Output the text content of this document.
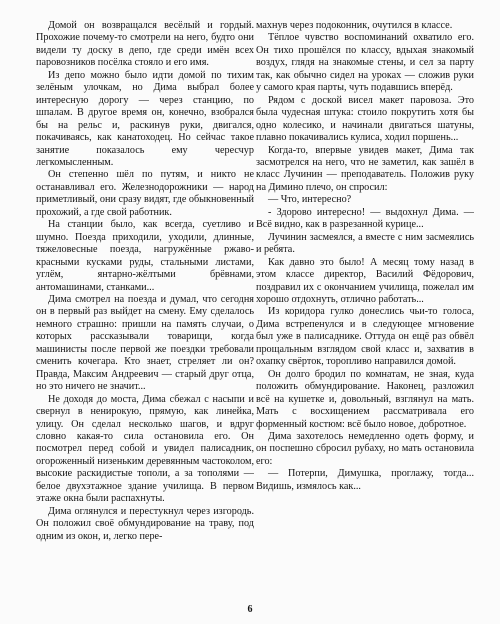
Домой он возвращался весёлый и гордый. Прохожие почему-то смотрели на него, будто они видели ту доску в депо, где среди имён всех паровозников посёлка стояло и его имя.

Из депо можно было идти домой по тихим зелёным улочкам, но Дима выбрал более интересную дорогу — через станцию, по шпалам. В другое время он, конечно, взобрался бы на рельс и, раскинув руки, двигался, покачиваясь, как канатоходец. Но сейчас такое занятие показалось ему чересчур легкомысленным.

Он степенно шёл по путям, и никто не останавливал его. Железнодорожники — народ приметливый, они сразу видят, где обыкновенный прохожий, а где свой работник.

На станции было, как всегда, суетливо и шумно. Поезда приходили, уходили, длинные, тяжеловесные поезда, нагружённые ржаво-красными кусками руды, стальными листами, углём, янтарно-жёлтыми брёвнами, антомашинами, станками...

Дима смотрел на поезда и думал, что сегодня он в первый раз выйдет на смену. Ему сделалось немного страшно: пришли на память случаи, о которых рассказывали товарищи, когда машинисты после первой же поездки требовали сменить кочегара. Кто знает, стреляет ли он? Правда, Максим Андреевич — старый друг отца, но это ничего не значит...

Не доходя до моста, Дима сбежал с насыпи и свернул в ненирокую, прямую, как линейка, улицу. Он сделал несколько шагов, и вдруг словно какая-то сила остановила его. Он посмотрел перед собой и увидел палисадник, огороженный низеньким деревянным частоколом, высокие раскидистые тополи, а за тополями — белое двухэтажное здание училища. В первом этаже окна были распахнуты.

Дима оглянулся и перестукнул через изгородь. Он положил своё обмундирование на траву, под одним из окон, и, легко пере-

махнув через подоконник, очутился в классе.

Тёплое чувство воспоминаний охватило его. Он тихо прошёлся по классу, вдыхая знакомый воздух, глядя на знакомые стены, и сел за парту так, как обычно сидел на уроках — сложив руки у самого края парты, чуть подавшись вперёд.

Рядом с доской висел макет паровоза. Это была чудесная штука: стоило покрутить хотя бы одно колесико, и начинали двигаться шатуны, плавно покачивались кулиса, ходил поршень...

Когда-то, впервые увидев макет, Дима так засмотрелся на него, что не заметил, как зашёл в класс Лучинин — преподаватель. Положив руку на Димино плечо, он спросил:

— Что, интересно?

- Здорово интересно! — выдохнул Дима. — Всё видно, как в разрезанной курице...

Лучинин засмеялся, а вместе с ним засмеялись и ребята.

Как давно это было! А месяц тому назад в этом классе директор, Василий Фёдорович, поздравил их с окончанием училища, пожелал им хорошо отдохнуть, отлично работать...

Из коридора гулко донеслись чьи-то голоса, Дима встрепенулся и в следующее мгновение был уже в палисаднике. Оттуда он ещё раз обвёл прощальным взглядом свой класс и, захватив в охапку свёрток, торопливо направился домой.

Он долго бродил по комнатам, не зная, куда положить обмундирование. Наконец, разложил всё на кушетке и, довольный, взглянул на мать. Мать с восхищением рассматривала его форменный костюм: всё было новое, добротное.

Дима захотелось немедленно одеть форму, и он поспешно сбросил рубаху, но мать остановила его:

— Потерпи, Димушка, проглажу, тогда... Видишь, измялось как...

6
